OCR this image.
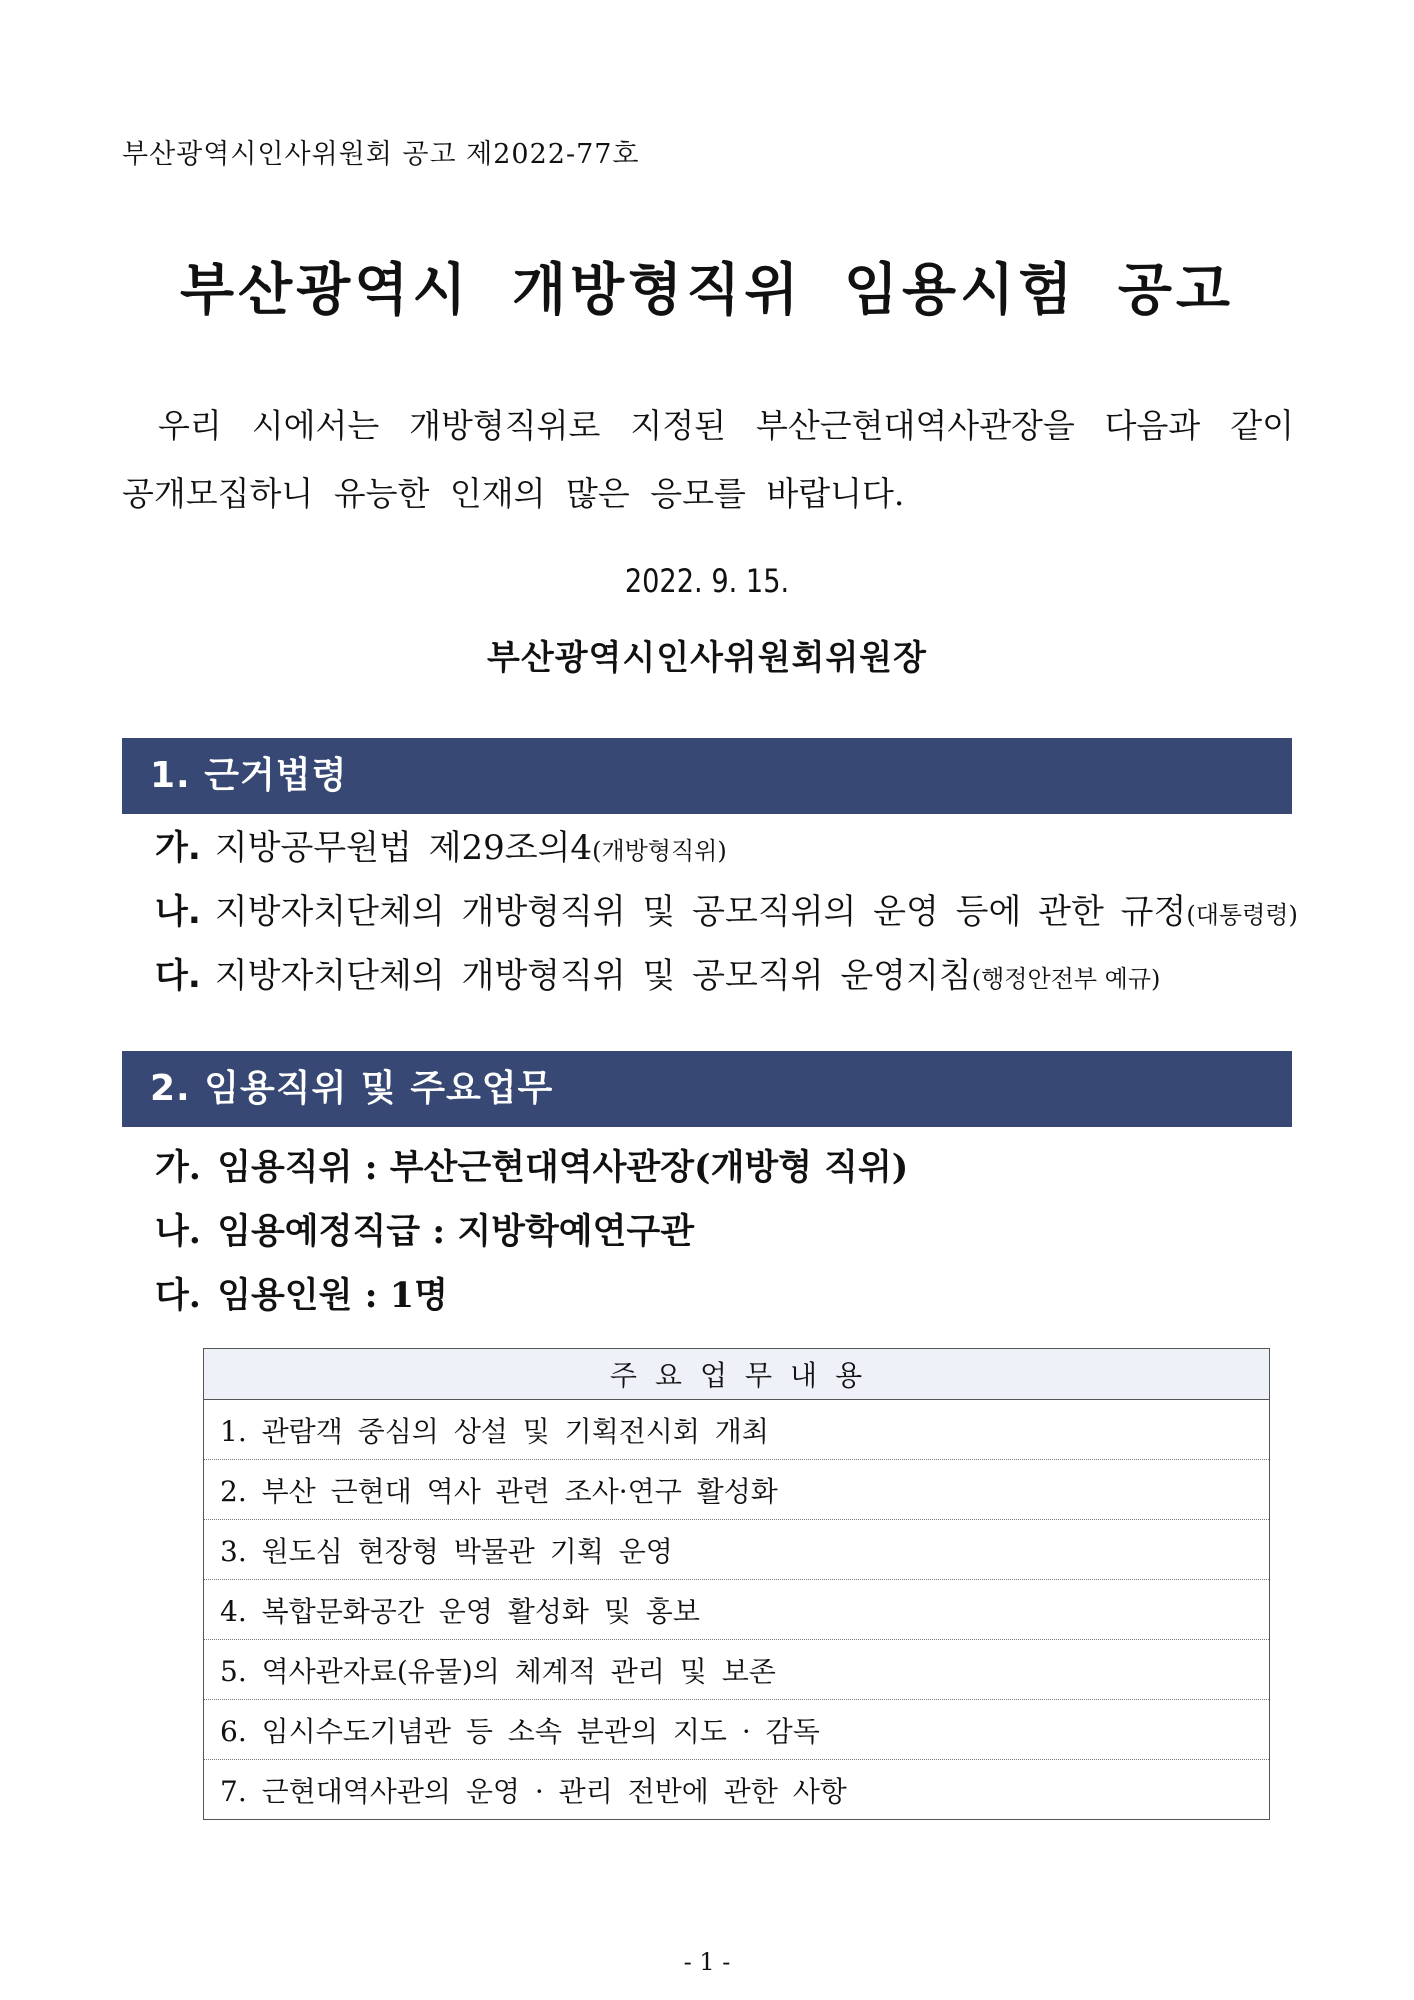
부산광역시인사위원회 공고 제2022-77호
부산광역시 개방형직위 임용시험 공고

우리 시에서는 개방형직위로 지정된 부산근현대역사관장을 다음과 같이

공개모집하니 유능한 인재의 많은 응모를 바랍니다.

2022. 9. 15.
부산광역시인사위원회위원장
1. 근거법령
가. 지방공무원법 제29조의4(개방형직위)
나. 지방자치단체의 개방형직위 및 공모직위의 운영 등에 관한 규정(대통령령)
다. 지방자치단체의 개방형직위 및 공모직위 운영지침(행정안전부 예규)
2. 임용직위 및 주요업무
가. 임용직위 : 부산근현대역사관장(개방형 직위)
나. 임용예정직급 : 지방학예연구관
다. 임용인원 : 1명
주요업무내용
1. 관람객 중심의 상설 및 기획전시회 개최
2. 부산 근현대 역사 관련 조사·연구 활성화
3. 원도심 현장형 박물관 기획 운영
4. 복합문화공간 운영 활성화 및 홍보
5. 역사관자료(유물)의 체계적 관리 및 보존
6. 임시수도기념관 등 소속 분관의 지도 · 감독
7. 근현대역사관의 운영 · 관리 전반에 관한 사항
- 1 -
